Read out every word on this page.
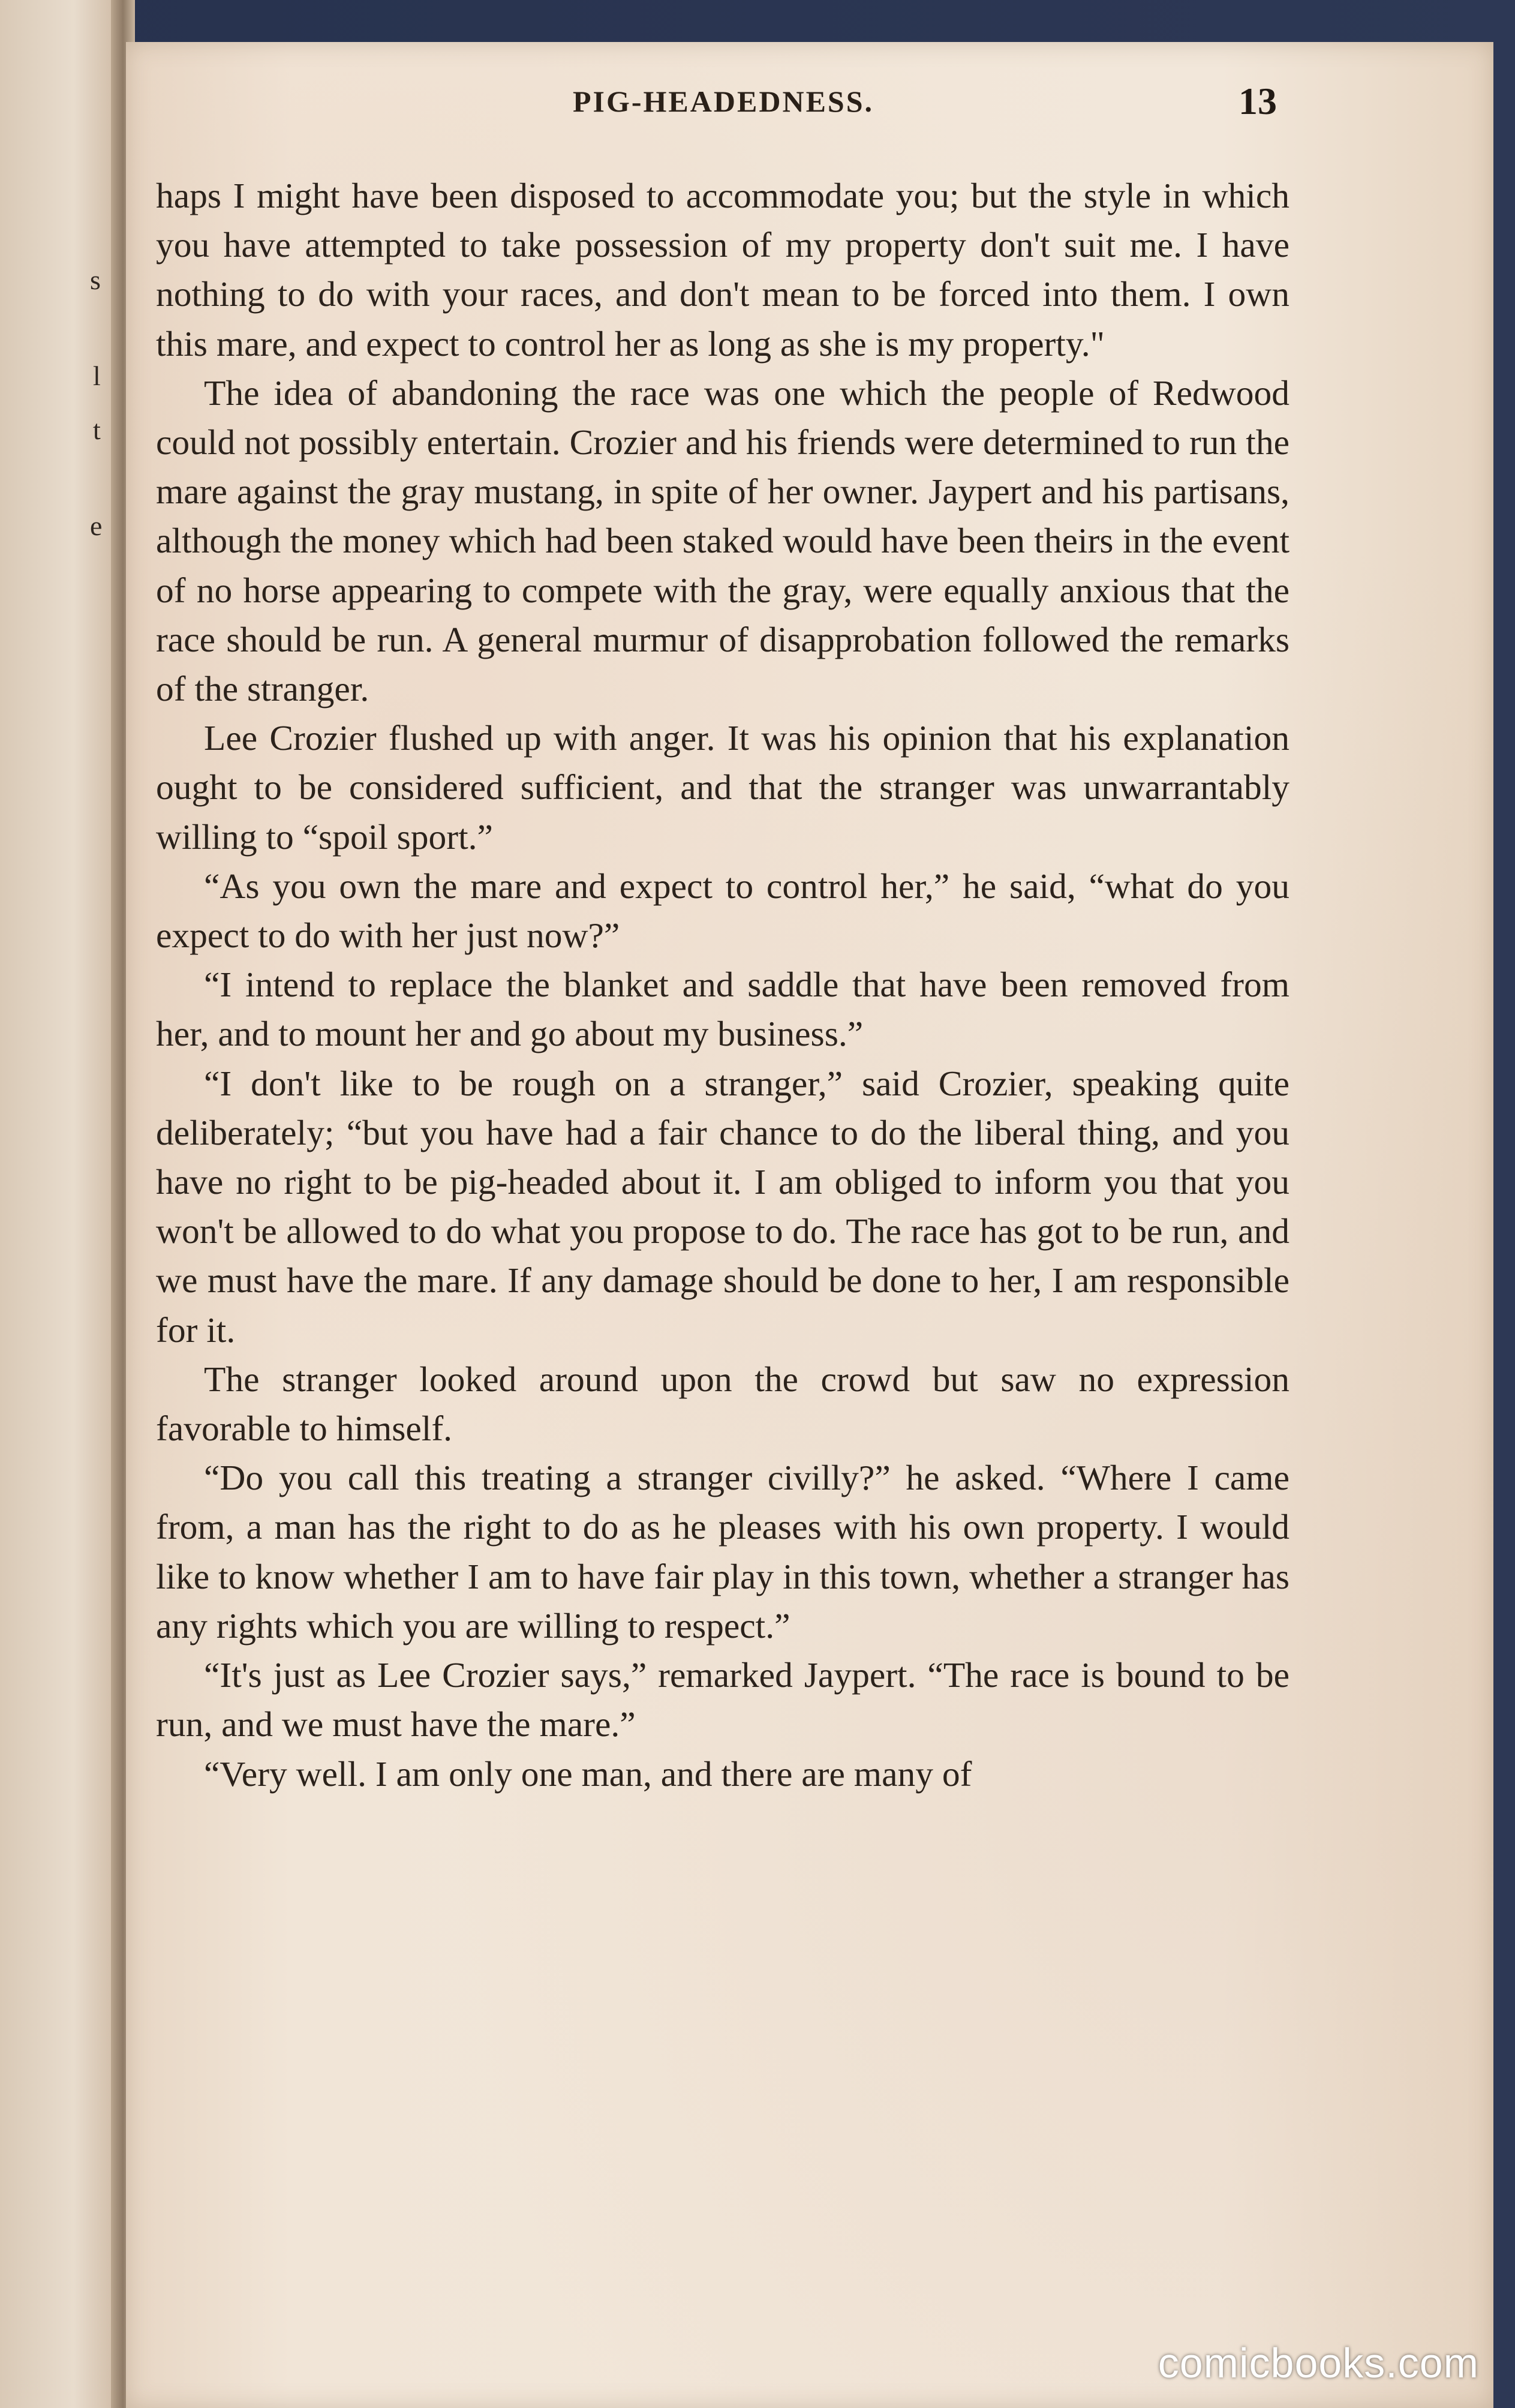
s
l
t
e
PIG-HEADEDNESS.	13

haps I might have been disposed to accommodate you; but the style in which you have attempted to take possession of my property don't suit me. I have nothing to do with your races, and don't mean to be forced into them. I own this mare, and expect to control her as long as she is my property."

The idea of abandoning the race was one which the people of Redwood could not possibly entertain. Crozier and his friends were determined to run the mare against the gray mustang, in spite of her owner. Jaypert and his partisans, although the money which had been staked would have been theirs in the event of no horse appearing to compete with the gray, were equally anxious that the race should be run. A general murmur of disapprobation followed the remarks of the stranger.

Lee Crozier flushed up with anger. It was his opinion that his explanation ought to be considered sufficient, and that the stranger was unwarrantably willing to “spoil sport.”

“As you own the mare and expect to control her,” he said, “what do you expect to do with her just now?”

“I intend to replace the blanket and saddle that have been removed from her, and to mount her and go about my business.”

“I don't like to be rough on a stranger,” said Crozier, speaking quite deliberately; “but you have had a fair chance to do the liberal thing, and you have no right to be pig-headed about it. I am obliged to inform you that you won't be allowed to do what you propose to do. The race has got to be run, and we must have the mare. If any damage should be done to her, I am responsible for it.

The stranger looked around upon the crowd but saw no expression favorable to himself.

“Do you call this treating a stranger civilly?” he asked. “Where I came from, a man has the right to do as he pleases with his own property. I would like to know whether I am to have fair play in this town, whether a stranger has any rights which you are willing to respect.”

“It's just as Lee Crozier says,” remarked Jaypert. “The race is bound to be run, and we must have the mare.”

“Very well. I am only one man, and there are many of

comicbooks.com
